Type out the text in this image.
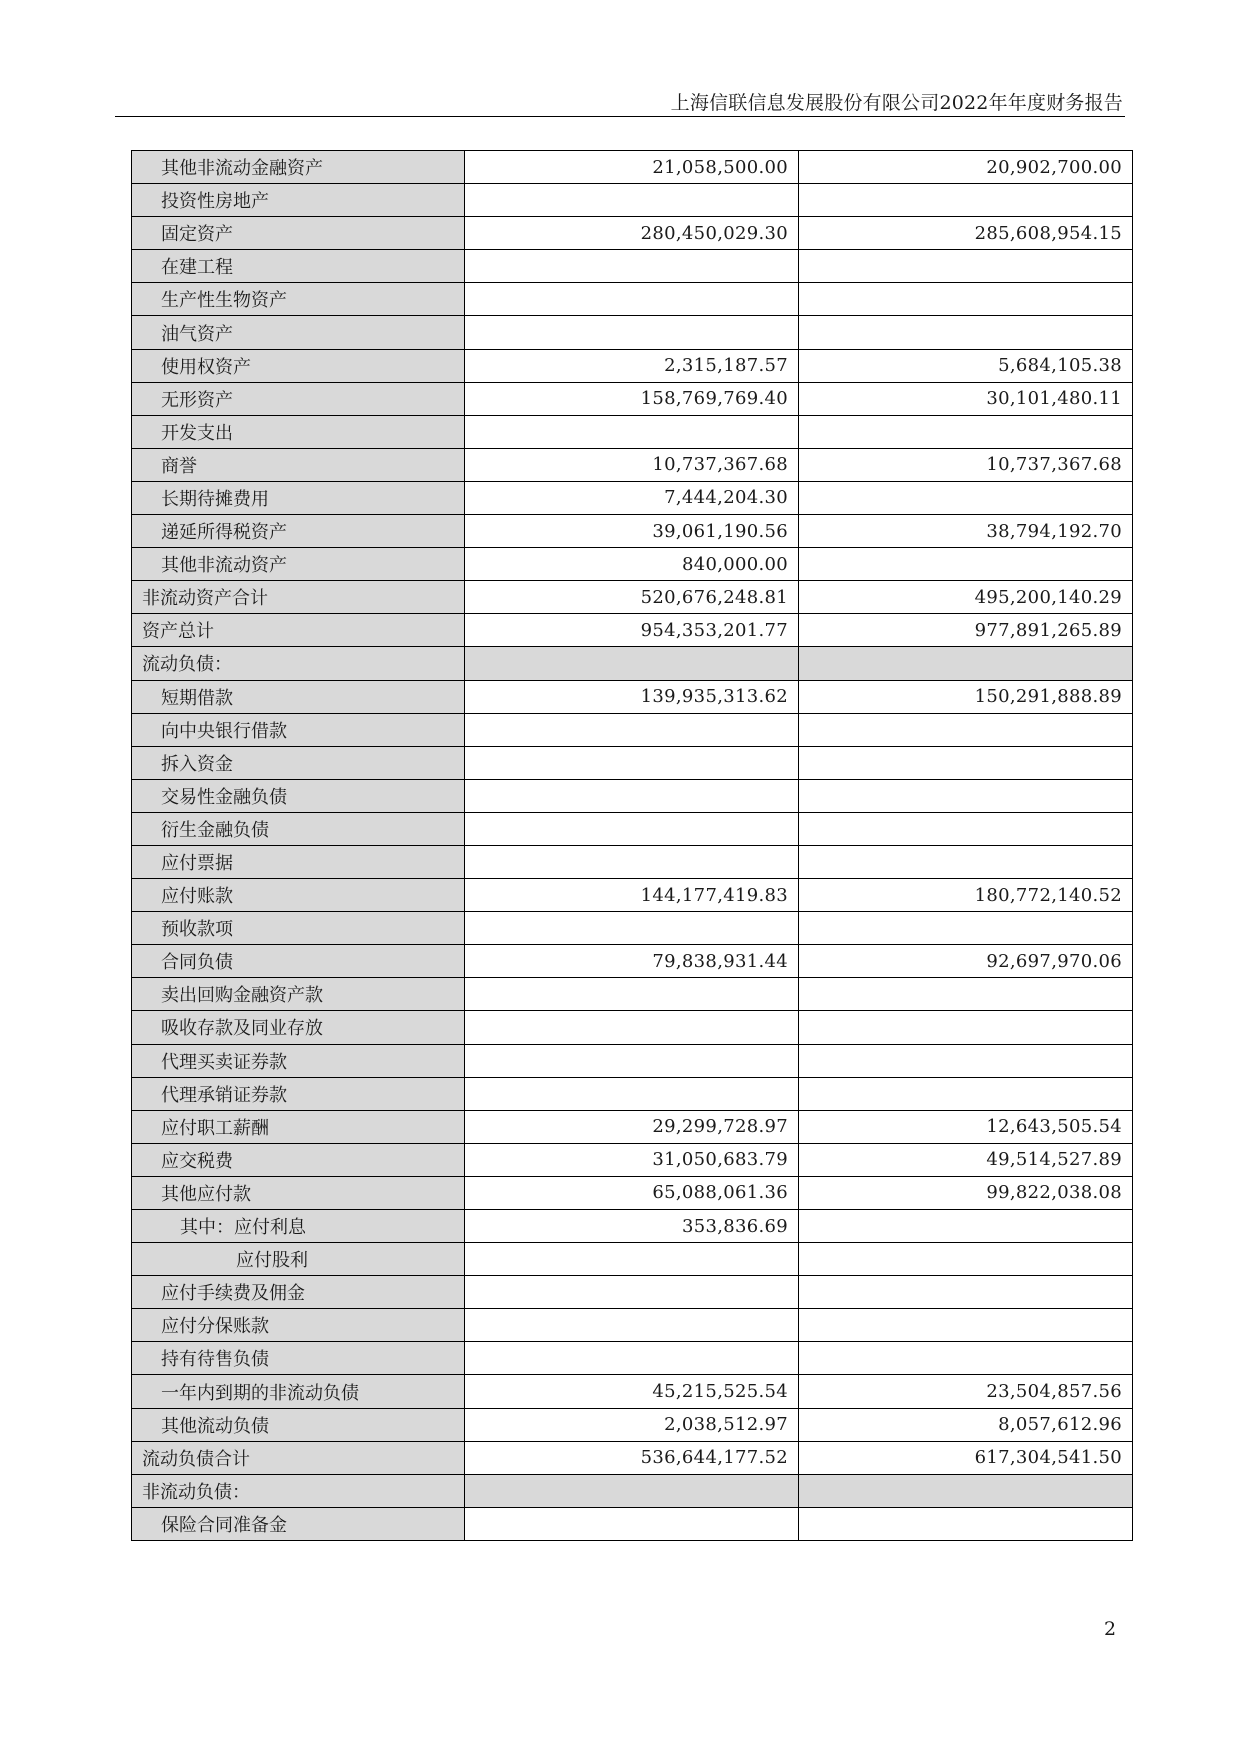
上海信联信息发展股份有限公司2022年年度财务报告
其他非流动金融资产	21,058,500.00	20,902,700.00
投资性房地产		
固定资产	280,450,029.30	285,608,954.15
在建工程		
生产性生物资产		
油气资产		
使用权资产	2,315,187.57	5,684,105.38
无形资产	158,769,769.40	30,101,480.11
开发支出		
商誉	10,737,367.68	10,737,367.68
长期待摊费用	7,444,204.30	
递延所得税资产	39,061,190.56	38,794,192.70
其他非流动资产	840,000.00	
非流动资产合计	520,676,248.81	495,200,140.29
资产总计	954,353,201.77	977,891,265.89
流动负债：		
短期借款	139,935,313.62	150,291,888.89
向中央银行借款		
拆入资金		
交易性金融负债		
衍生金融负债		
应付票据		
应付账款	144,177,419.83	180,772,140.52
预收款项		
合同负债	79,838,931.44	92,697,970.06
卖出回购金融资产款		
吸收存款及同业存放		
代理买卖证券款		
代理承销证券款		
应付职工薪酬	29,299,728.97	12,643,505.54
应交税费	31,050,683.79	49,514,527.89
其他应付款	65,088,061.36	99,822,038.08
其中：应付利息	353,836.69	
应付股利		
应付手续费及佣金		
应付分保账款		
持有待售负债		
一年内到期的非流动负债	45,215,525.54	23,504,857.56
其他流动负债	2,038,512.97	8,057,612.96
流动负债合计	536,644,177.52	617,304,541.50
非流动负债：		
保险合同准备金		
2
